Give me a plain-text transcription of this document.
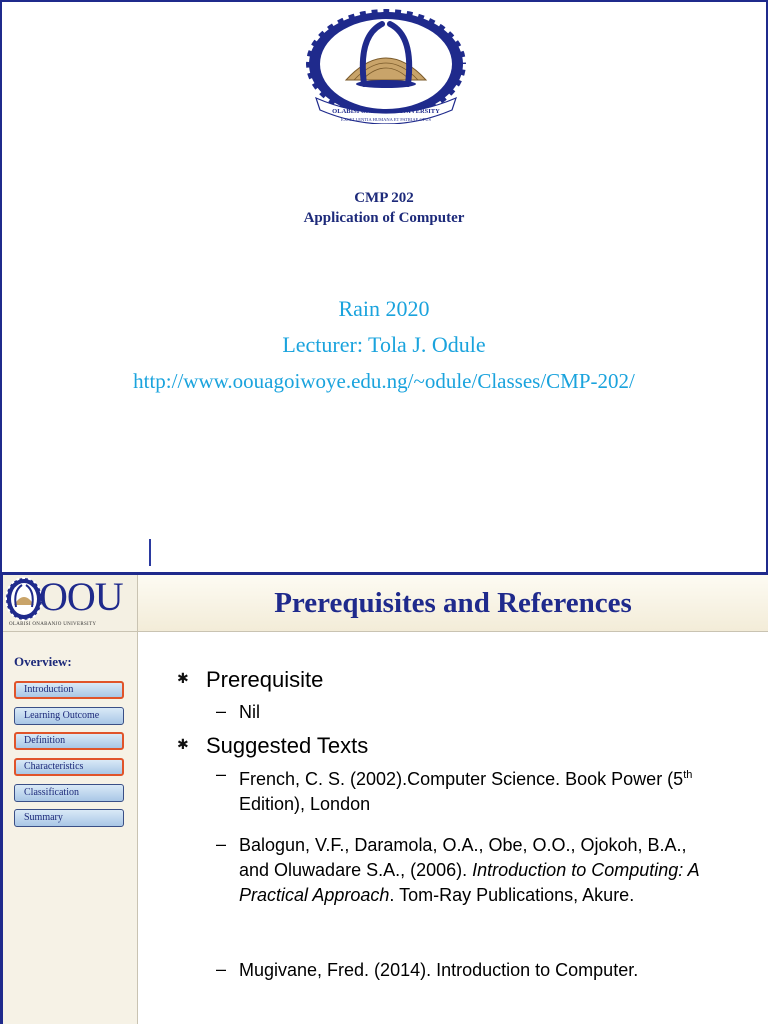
OLABISI ONABANJO UNIVERSITY
EXCELLENTIA HUMANA ET PATRIAE OPUS
CMP 202
Application of Computer
Rain 2020
Lecturer: Tola J. Odule
http://www.oouagoiwoye.edu.ng/~odule/Classes/CMP-202/
OOU
OLABISI ONABANJO UNIVERSITY
Prerequisites and References
Overview:
Introduction
Learning Outcome
Definition
Characteristics
Classification
Summary
✱ Prerequisite
– Nil
✱ Suggested Texts
– French, C. S. (2002).Computer Science. Book Power (5th Edition), London
– Balogun, V.F., Daramola, O.A., Obe, O.O., Ojokoh, B.A., and Oluwadare S.A., (2006). Introduction to Computing: A Practical Approach. Tom-Ray Publications, Akure.
– Mugivane, Fred. (2014). Introduction to Computer.
